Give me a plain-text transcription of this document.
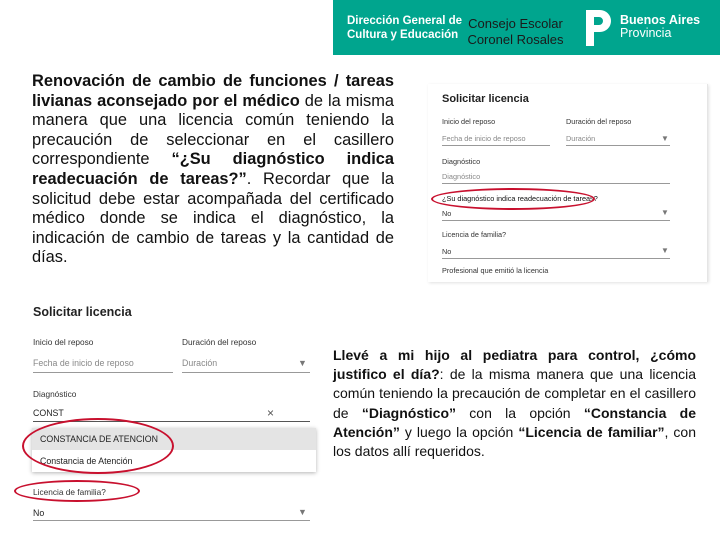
Dirección General de
Cultura y Educación
Consejo Escolar
Coronel Rosales
Buenos Aires
Provincia

Renovación de cambio de funciones / tareas livianas aconsejado por el médico de la misma manera que una licencia común teniendo la precaución de seleccionar en el casillero correspondiente “¿Su diagnóstico indica readecuación de tareas?”. Recordar que la solicitud debe estar acompañada del certificado médico donde se indica el diagnóstico, la indicación de cambio de tareas y la cantidad de días.

Solicitar licencia
Inicio del reposo
Fecha de inicio de reposo
Duración del reposo
Duración	▼
Diagnóstico
Diagnóstico
¿Su diagnóstico indica readecuación de tareas?
No	▼
Licencia de familia?
No	▼
Profesional que emitió la licencia
Solicitar licencia
Inicio del reposo
Fecha de inicio de reposo
Duración del reposo
Duración	▼
Diagnóstico
CONST	×
CONSTANCIA DE ATENCION
Constancia de Atención
Licencia de familia?
No	▼

Llevé a mi hijo al pediatra para control, ¿cómo justifico el día?: de la misma manera que una licencia común teniendo la precaución de completar en el casillero de “Diagnóstico” con la opción “Constancia de Atención” y luego la opción “Licencia de familiar”, con los datos allí requeridos.
